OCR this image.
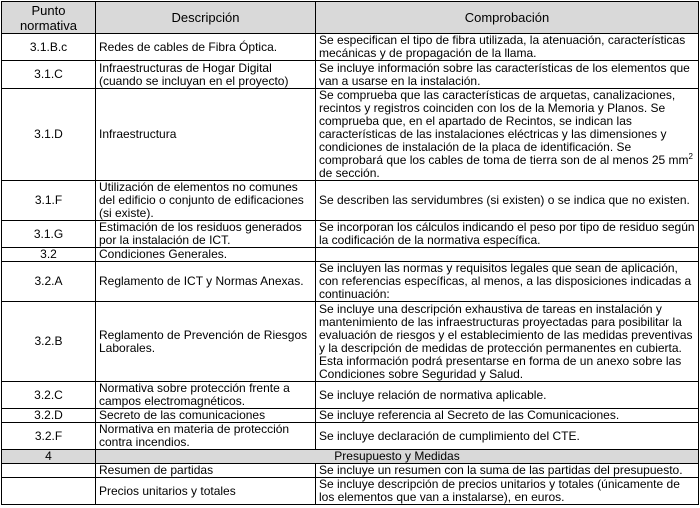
Punto normativa	Descripción	Comprobación
3.1.B.c	Redes de cables de Fibra Óptica.	Se especifican el tipo de fibra utilizada, la atenuación, características mecánicas y de propagación de la llama.
3.1.C	Infraestructuras de Hogar Digital (cuando se incluyan en el proyecto)	Se incluye información sobre las características de los elementos que van a usarse en la instalación.
3.1.D	Infraestructura	Se comprueba que las características de arquetas, canalizaciones, recintos y registros coinciden con los de la Memoria y Planos. Se comprueba que, en el apartado de Recintos, se indican las características de las instalaciones eléctricas y las dimensiones y condiciones de instalación de la placa de identificación. Se comprobará que los cables de toma de tierra son de al menos 25 $mm^2$ de sección.
3.1.F	Utilización de elementos no comunes del edificio o conjunto de edificaciones (si existe).	Se describen las servidumbres (si existen) o se indica que no existen.
3.1.G	Estimación de los residuos generados por la instalación de ICT.	Se incorporan los cálculos indicando el peso por tipo de residuo según la codificación de la normativa específica.
3.2	Condiciones Generales.	
3.2.A	Reglamento de ICT y Normas Anexas.	Se incluyen las normas y requisitos legales que sean de aplicación, con referencias específicas, al menos, a las disposiciones indicadas a continuación:
3.2.B	Reglamento de Prevención de Riesgos Laborales.	Se incluye una descripción exhaustiva de tareas en instalación y mantenimiento de las infraestructuras proyectadas para posibilitar la evaluación de riesgos y el establecimiento de las medidas preventivas y la descripción de medidas de protección permanentes en cubierta. Esta información podrá presentarse en forma de un anexo sobre las Condiciones sobre Seguridad y Salud.
3.2.C	Normativa sobre protección frente a campos electromagnéticos.	Se incluye relación de normativa aplicable.
3.2.D	Secreto de las comunicaciones	Se incluye referencia al Secreto de las Comunicaciones.
3.2.F	Normativa en materia de protección contra incendios.	Se incluye declaración de cumplimiento del CTE.
4	Presupuesto y Medidas	
	Resumen de partidas	Se incluye un resumen con la suma de las partidas del presupuesto.
	Precios unitarios y totales	Se incluye descripción de precios unitarios y totales (únicamente de los elementos que van a instalarse), en euros.
